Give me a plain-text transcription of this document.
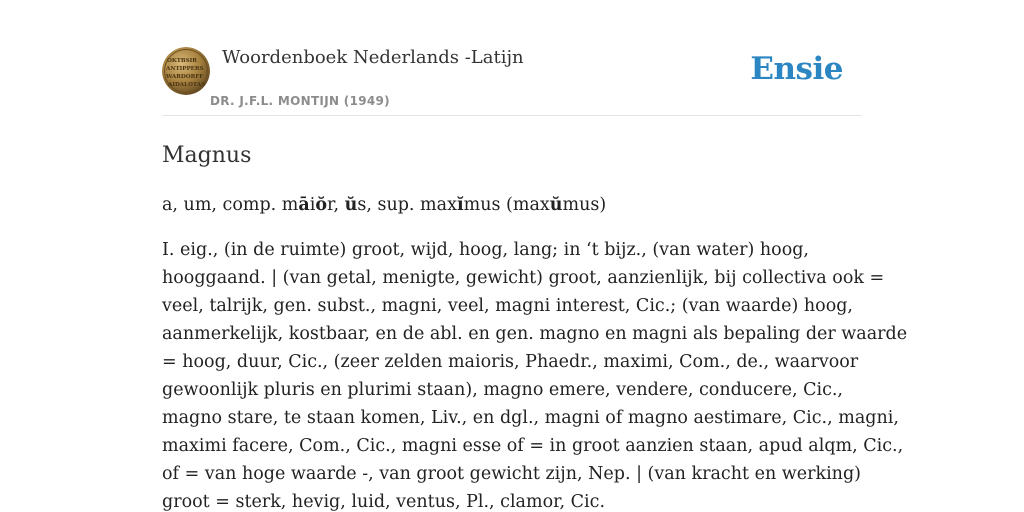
OKTBSIR
ANTIPPERS
WARDORFF
AIDALOTAS
Woordenboek Nederlands -Latijn
DR. J.F.L. MONTIJN (1949)
Ensie
Magnus

a, um, comp. māiŏr, ŭs, sup. maxĭmus (maxŭmus)

I. eig., (in de ruimte) groot, wijd, hoog, lang; in ‘t bijz., (van water) hoog,
hooggaand. | (van getal, menigte, gewicht) groot, aanzienlijk, bij collectiva ook =
veel, talrijk, gen. subst., magni, veel, magni interest, Cic.; (van waarde) hoog,
aanmerkelijk, kostbaar, en de abl. en gen. magno en magni als bepaling der waarde
= hoog, duur, Cic., (zeer zelden maioris, Phaedr., maximi, Com., de., waarvoor
gewoonlijk pluris en plurimi staan), magno emere, vendere, conducere, Cic.,
magno stare, te staan komen, Liv., en dgl., magni of magno aestimare, Cic., magni,
maximi facere, Com., Cic., magni esse of = in groot aanzien staan, apud alqm, Cic.,
of = van hoge waarde -, van groot gewicht zijn, Nep. | (van kracht en werking)
groot = sterk, hevig, luid, ventus, Pl., clamor, Cic.
